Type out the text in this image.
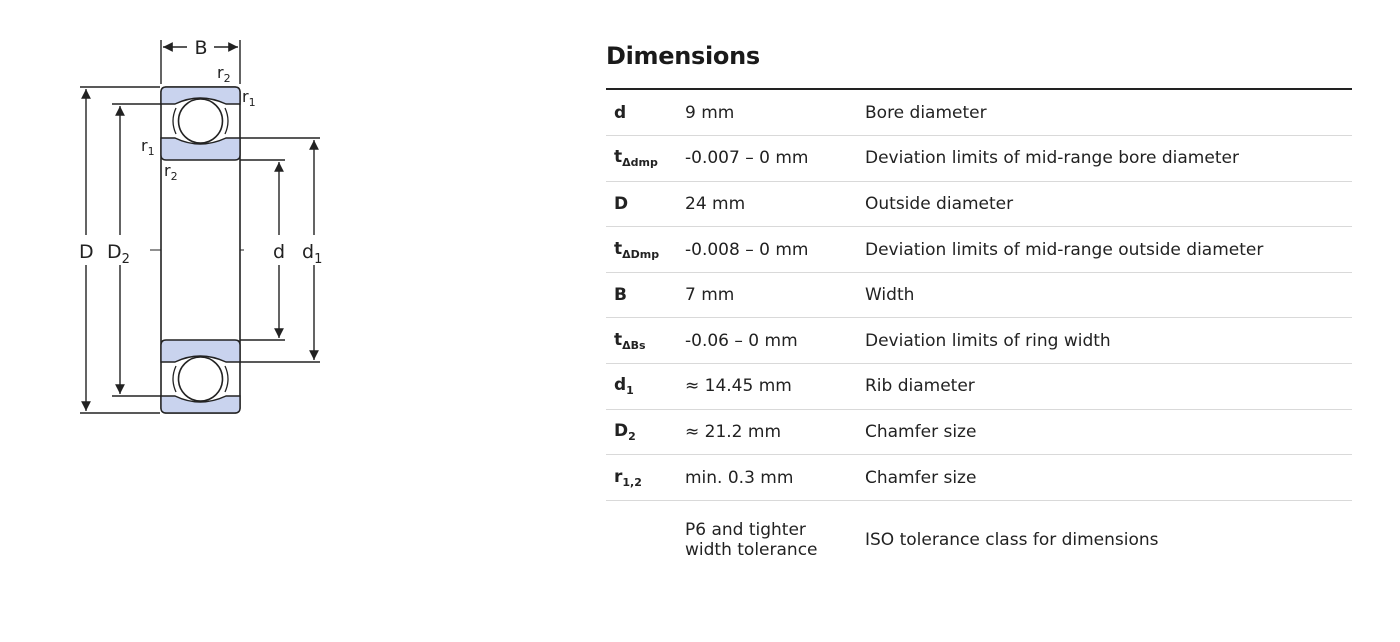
B
$r_2$
$r_1$
$r_1$
$r_2$
D $D_2$	d $d_1$
Dimensions
d	9 mm	Bore diameter
$t_{\Delta dmp}$	-0.007 – 0 mm	Deviation limits of mid-range bore diameter
D	24 mm	Outside diameter
$t_{\Delta Dmp}$	-0.008 – 0 mm	Deviation limits of mid-range outside diameter
B	7 mm	Width
$t_{\Delta Bs}$	-0.06 – 0 mm	Deviation limits of ring width
$d_1$	≈ 14.45 mm	Rib diameter
$D_2$	≈ 21.2 mm	Chamfer size
$r_{1,2}$	min. 0.3 mm	Chamfer size

	P6 and tighter
width tolerance	ISO tolerance class for dimensions
